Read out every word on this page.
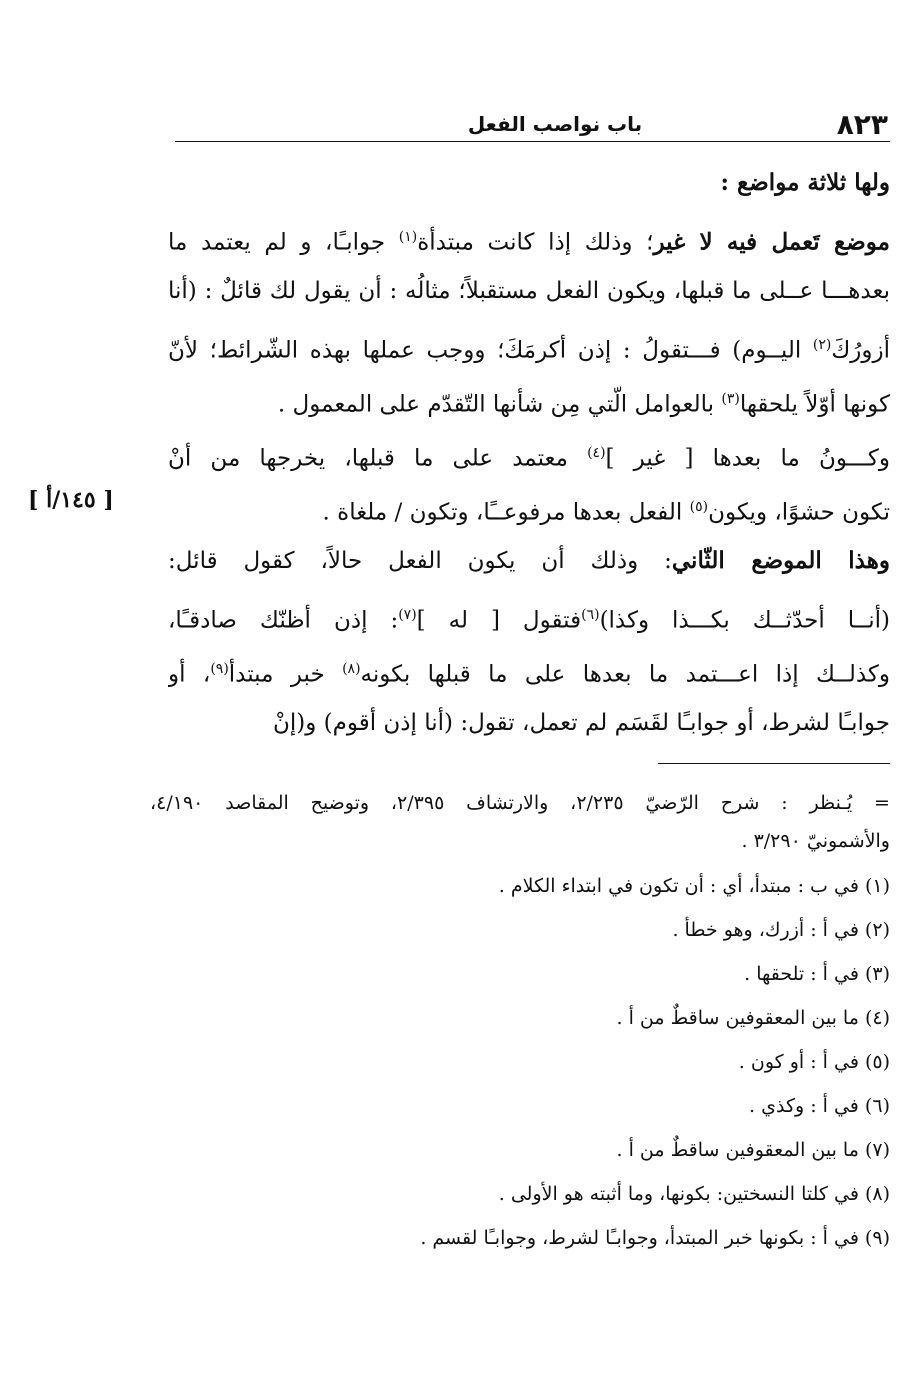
٨٢٣
باب نواصب الفعل
ولها ثلاثة مواضع :
موضع تَعمل فيه لا غير؛ وذلك إذا كانت مبتدأة$^{(١)}$ جوابـًا، و لم يعتمد ما
بعدهـــا عــلى ما قبلها، ويكون الفعل مستقبلاً؛ مثالُه : أن يقول لك قائلٌ : (أنا
أزورُكَ$^{(٢)}$ اليــوم) فـــتقولُ : إذن أكرمَكَ؛ ووجب عملها بهذه الشّرائط؛ لأنّ
كونها أوّلاً يلحقها$^{(٣)}$ بالعوامل الّتي مِن شأنها التّقدّم على المعمول .
وكـــونُ ما بعدها [ غير ]$^{(٤)}$ معتمد على ما قبلها، يخرجها من أنْ
تكون حشوًا، ويكون$^{(٥)}$ الفعل بعدها مرفوعــًا، وتكون / ملغاة .
وهذا الموضع الثّاني: وذلك أن يكون الفعل حالاً، كقول قائل:
(أنــا أحدّثــك بكـــذا وكذا)$^{(٦)}$فتقول [ له ]$^{(٧)}$: إذن أظنّك صادقـًا،
وكذلــك إذا اعـــتمد ما بعدها على ما قبلها بكونه$^{(٨)}$ خبر مبتدأ$^{(٩)}$، أو
جوابـًا لشرط، أو جوابـًا لقَسَم لم تعمل، تقول: (أنا إذن أقوم) و(إنْ
[ ١٤٥/أ ]
= يُـنظر : شرح الرّضيّ ٢/٢٣٥، والارتشاف ٢/٣٩٥، وتوضيح المقاصد ٤/١٩٠،
والأشمونيّ ٣/٢٩٠ .
(١) في ب : مبتدأ، أي : أن تكون في ابتداء الكلام .
(٢) في أ : أزرك، وهو خطأ .
(٣) في أ : تلحقها .
(٤) ما بين المعقوفين ساقطٌ من أ .
(٥) في أ : أو كون .
(٦) في أ : وكذي .
(٧) ما بين المعقوفين ساقطٌ من أ .
(٨) في كلتا النسختين: بكونها، وما أثبته هو الأولى .
(٩) في أ : بكونها خبر المبتدأ، وجوابـًا لشرط، وجوابـًا لقسم .
